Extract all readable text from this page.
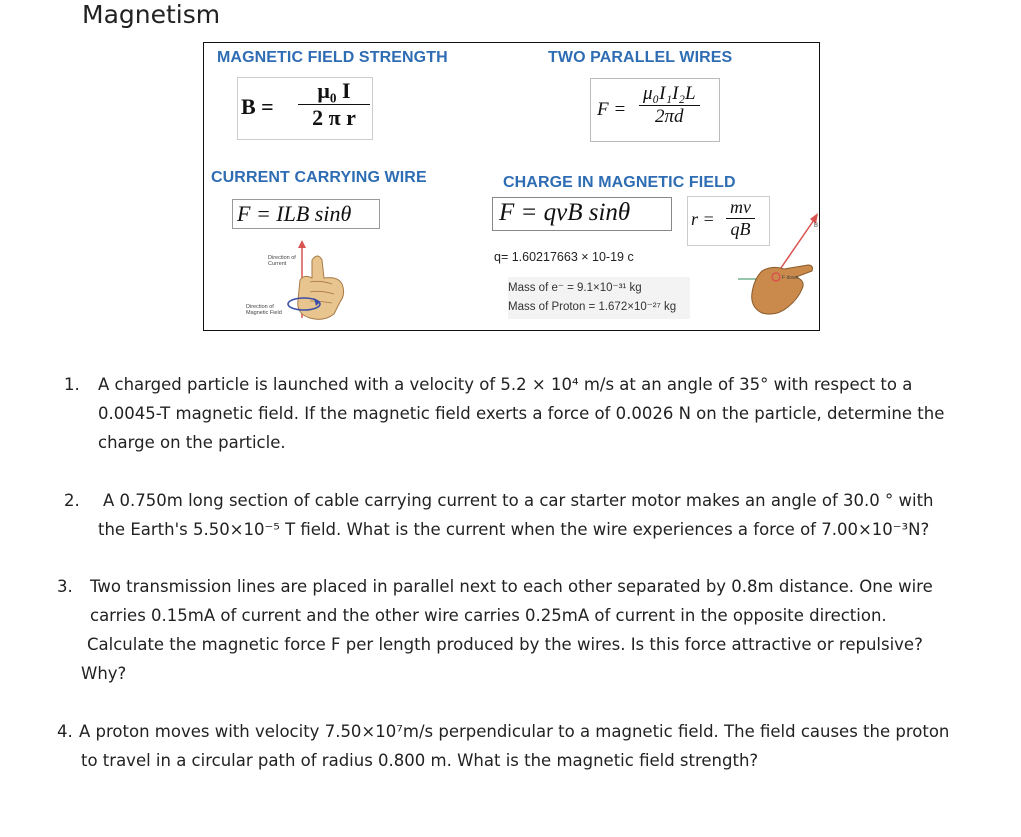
Magnetism
MAGNETIC FIELD STRENGTH
$B = \frac{\text{μ₀ I}}{\text{2 π r}}$
TWO PARALLEL WIRES
$F = \frac{\text{μ₀I₁I₂L}}{2\pi d}$
CURRENT CARRYING WIRE
F = ILB sinθ
Direction of Current
Direction of Magnetic Field
CHARGE IN MAGNETIC FIELD
F = qvB sinθ	$r = \frac{mv}{qB}$
q= 1.60217663 × 10-19 c
Mass of e⁻ = 9.1×10⁻³¹ kg
Mass of Proton = 1.672×10⁻²⁷ kg
B
F down
1. A charged particle is launched with a velocity of 5.2 × 10⁴ m/s at an angle of 35° with respect to a
0.0045-T magnetic field. If the magnetic field exerts a force of 0.0026 N on the particle, determine the
charge on the particle.
2.	A 0.750m long section of cable carrying current to a car starter motor makes an angle of 30.0 ° with
the Earth's 5.50×10⁻⁵ T field. What is the current when the wire experiences a force of 7.00×10⁻³N?
3. Two transmission lines are placed in parallel next to each other separated by 0.8m distance. One wire
carries 0.15mA of current and the other wire carries 0.25mA of current in the opposite direction.
Calculate the magnetic force F per length produced by the wires. Is this force attractive or repulsive?
Why?
4. A proton moves with velocity 7.50×10⁷m/s perpendicular to a magnetic field. The field causes the proton
to travel in a circular path of radius 0.800 m. What is the magnetic field strength?
